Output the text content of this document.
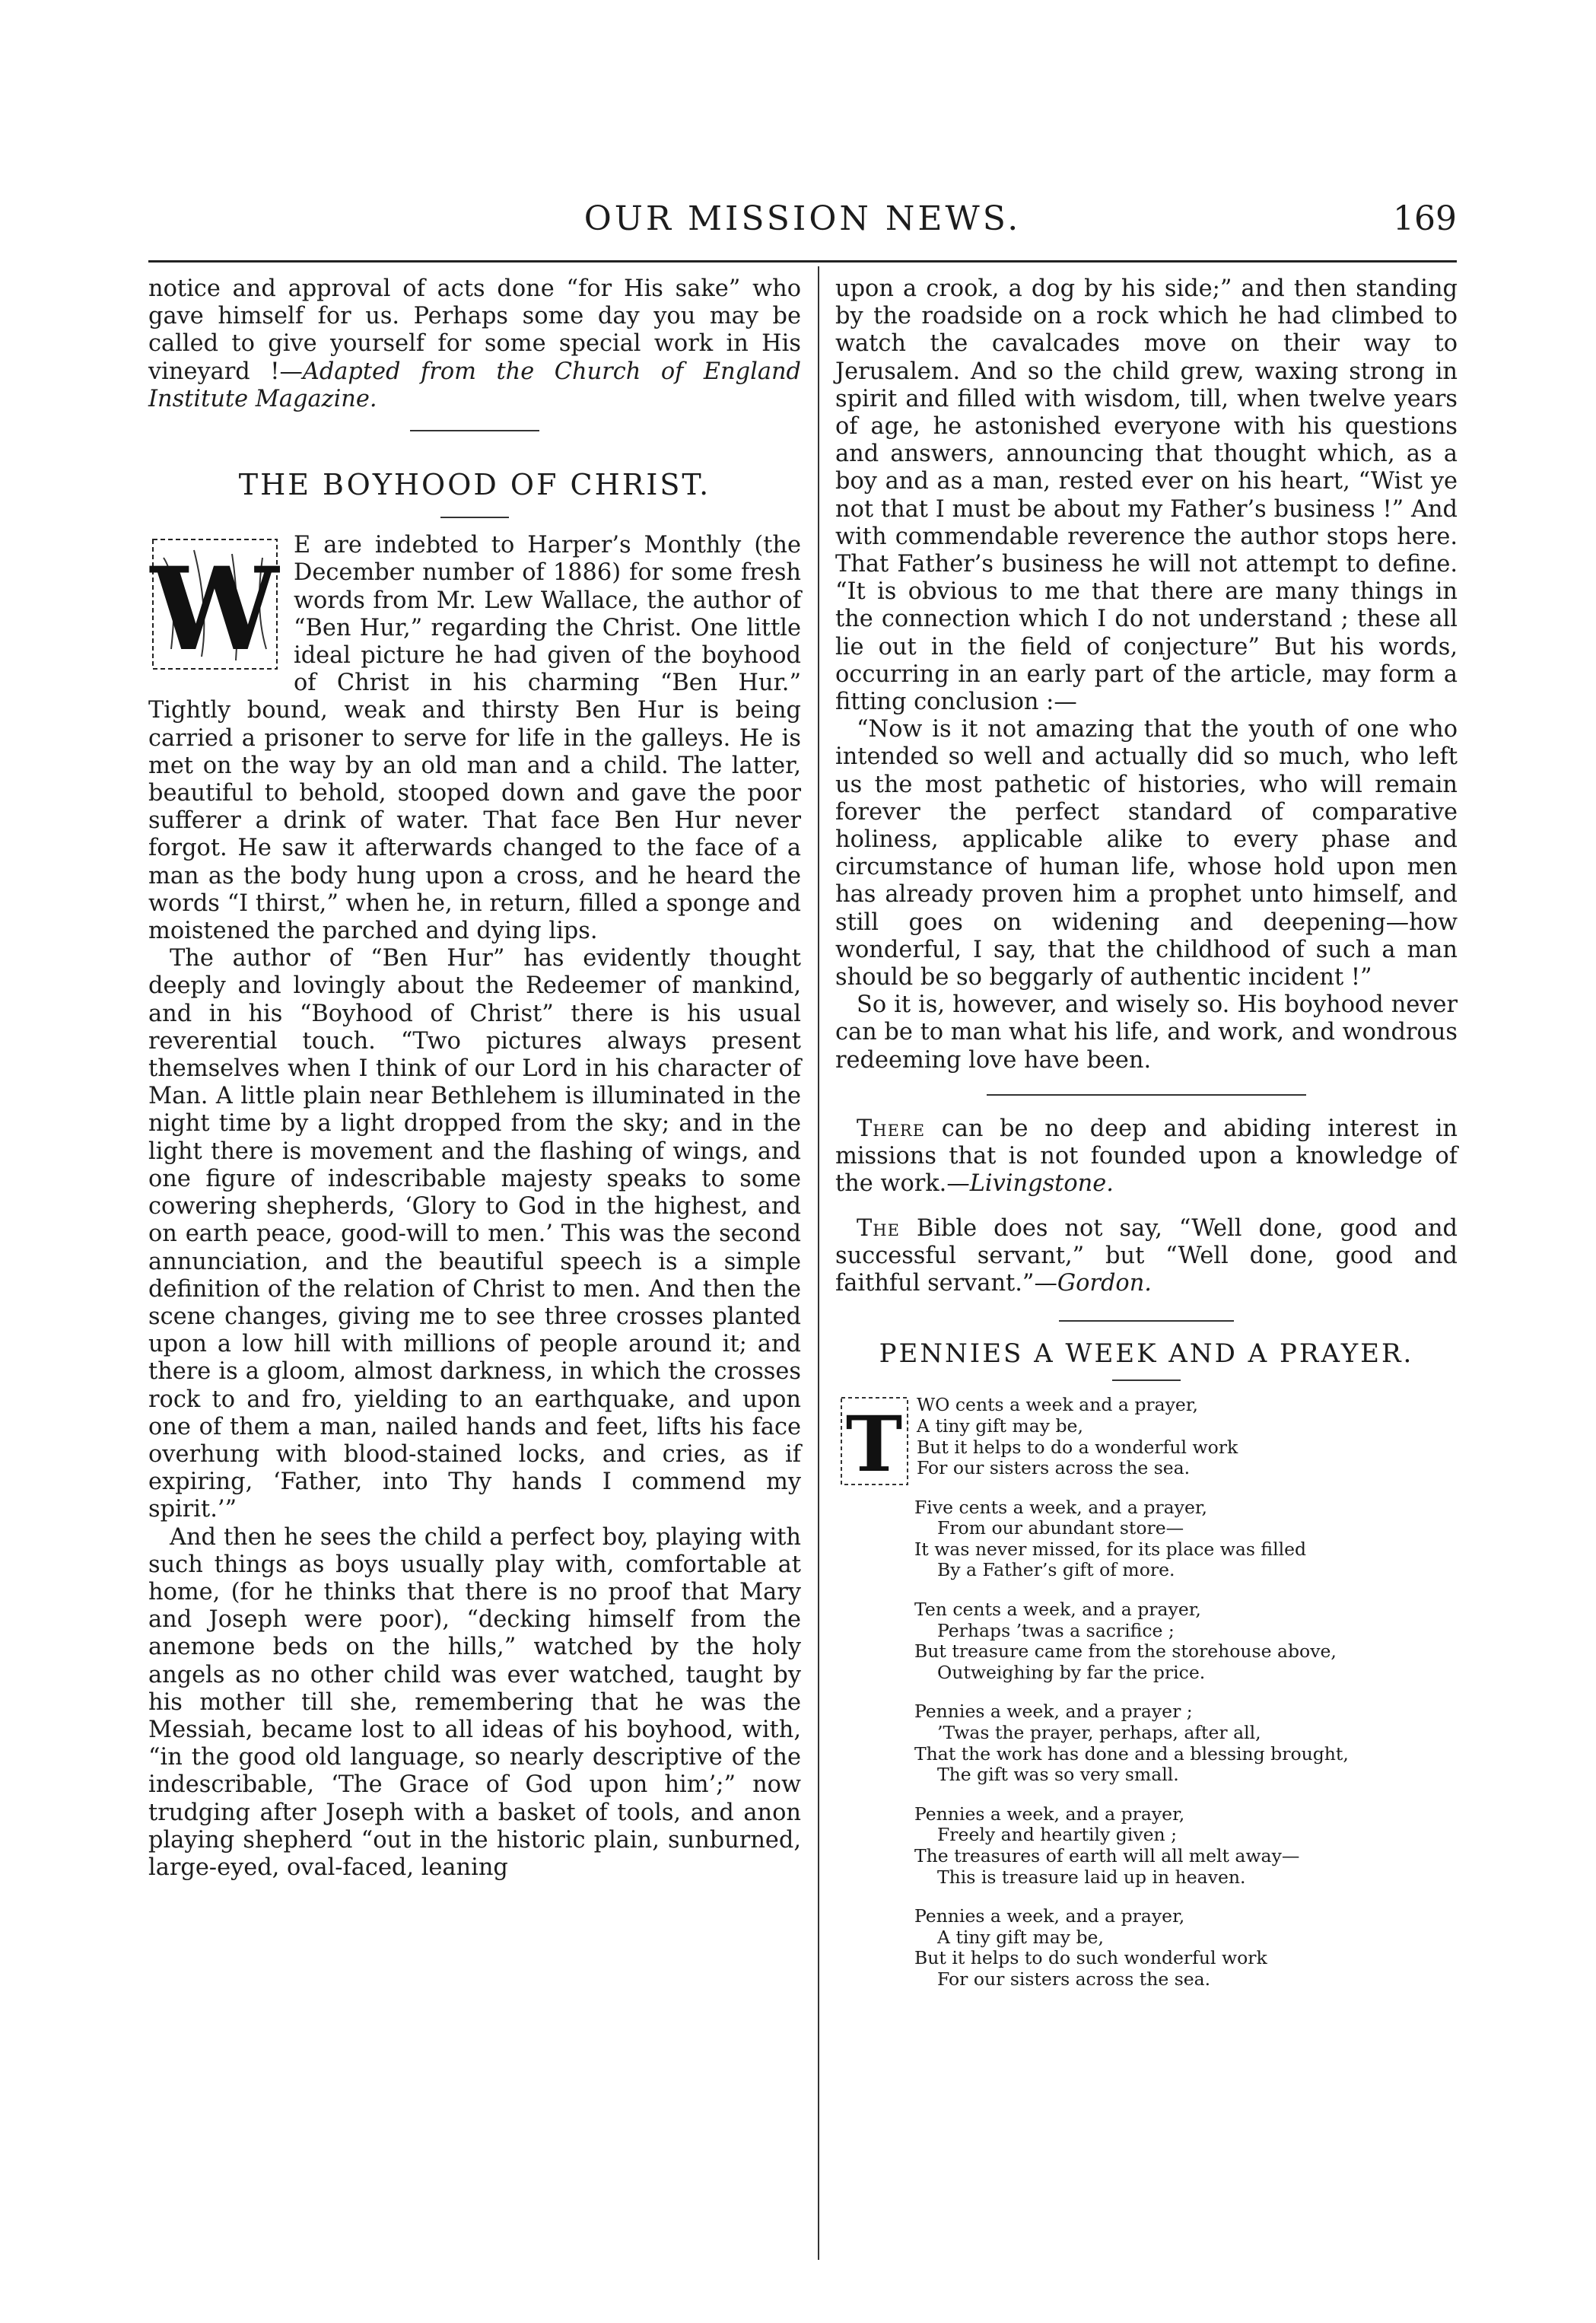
OUR MISSION NEWS.	169

notice and approval of acts done “for His sake” who gave himself for us. Perhaps some day you may be called to give yourself for some special work in His vineyard !—Adapted from the Church of England Institute Magazine.

THE BOYHOOD OF CHRIST.
W E are indebted to Harper’s Monthly (the December number of 1886) for some fresh words from Mr. Lew Wallace, the author of “Ben Hur,” regarding the Christ. One little ideal picture he had given of the boyhood of Christ in his charming “Ben Hur.” Tightly bound, weak and thirsty Ben Hur is being carried a prisoner to serve for life in the galleys. He is met on the way by an old man and a child. The latter, beautiful to behold, stooped down and gave the poor sufferer a drink of water. That face Ben Hur never forgot. He saw it afterwards changed to the face of a man as the body hung upon a cross, and he heard the words “I thirst,” when he, in return, filled a sponge and moistened the parched and dying lips.

The author of “Ben Hur” has evidently thought deeply and lovingly about the Redeemer of mankind, and in his “Boyhood of Christ” there is his usual reverential touch. “Two pictures always present themselves when I think of our Lord in his character of Man. A little plain near Bethlehem is illuminated in the night time by a light dropped from the sky; and in the light there is movement and the flashing of wings, and one figure of indescribable majesty speaks to some cowering shepherds, ‘Glory to God in the highest, and on earth peace, good-will to men.’ This was the second annunciation, and the beautiful speech is a simple definition of the relation of Christ to men. And then the scene changes, giving me to see three crosses planted upon a low hill with millions of people around it; and there is a gloom, almost darkness, in which the crosses rock to and fro, yielding to an earthquake, and upon one of them a man, nailed hands and feet, lifts his face overhung with blood-stained locks, and cries, as if expiring, ‘Father, into Thy hands I commend my spirit.’”

And then he sees the child a perfect boy, playing with such things as boys usually play with, comfortable at home, (for he thinks that there is no proof that Mary and Joseph were poor), “decking himself from the anemone beds on the hills,” watched by the holy angels as no other child was ever watched, taught by his mother till she, remembering that he was the Messiah, became lost to all ideas of his boyhood, with, “in the good old language, so nearly descriptive of the indescribable, ‘The Grace of God upon him’;” now trudging after Joseph with a basket of tools, and anon playing shepherd “out in the historic plain, sunburned, large-eyed, oval-faced, leaning

upon a crook, a dog by his side;” and then standing by the roadside on a rock which he had climbed to watch the cavalcades move on their way to Jerusalem. And so the child grew, waxing strong in spirit and filled with wisdom, till, when twelve years of age, he astonished everyone with his questions and answers, announcing that thought which, as a boy and as a man, rested ever on his heart, “Wist ye not that I must be about my Father’s business !” And with commendable reverence the author stops here. That Father’s business he will not attempt to define. “It is obvious to me that there are many things in the connection which I do not understand ; these all lie out in the field of conjecture” But his words, occurring in an early part of the article, may form a fitting conclusion :—

“Now is it not amazing that the youth of one who intended so well and actually did so much, who left us the most pathetic of histories, who will remain forever the perfect standard of comparative holiness, applicable alike to every phase and circumstance of human life, whose hold upon men has already proven him a prophet unto himself, and still goes on widening and deepening—how wonderful, I say, that the childhood of such a man should be so beggarly of authentic incident !”

So it is, however, and wisely so. His boyhood never can be to man what his life, and work, and wondrous redeeming love have been.

There can be no deep and abiding interest in missions that is not founded upon a knowledge of the work.—Livingstone.

The Bible does not say, “Well done, good and successful servant,” but “Well done, good and faithful servant.”—Gordon.

PENNIES A WEEK AND A PRAYER.
T WO cents a week and a prayer,
A tiny gift may be,
But it helps to do a wonderful work
For our sisters across the sea.
Five cents a week, and a prayer,
From our abundant store—
It was never missed, for its place was filled
By a Father’s gift of more.
Ten cents a week, and a prayer,
Perhaps ’twas a sacrifice ;
But treasure came from the storehouse above,
Outweighing by far the price.
Pennies a week, and a prayer ;
’Twas the prayer, perhaps, after all,
That the work has done and a blessing brought,
The gift was so very small.
Pennies a week, and a prayer,
Freely and heartily given ;
The treasures of earth will all melt away—
This is treasure laid up in heaven.
Pennies a week, and a prayer,
A tiny gift may be,
But it helps to do such wonderful work
For our sisters across the sea.
